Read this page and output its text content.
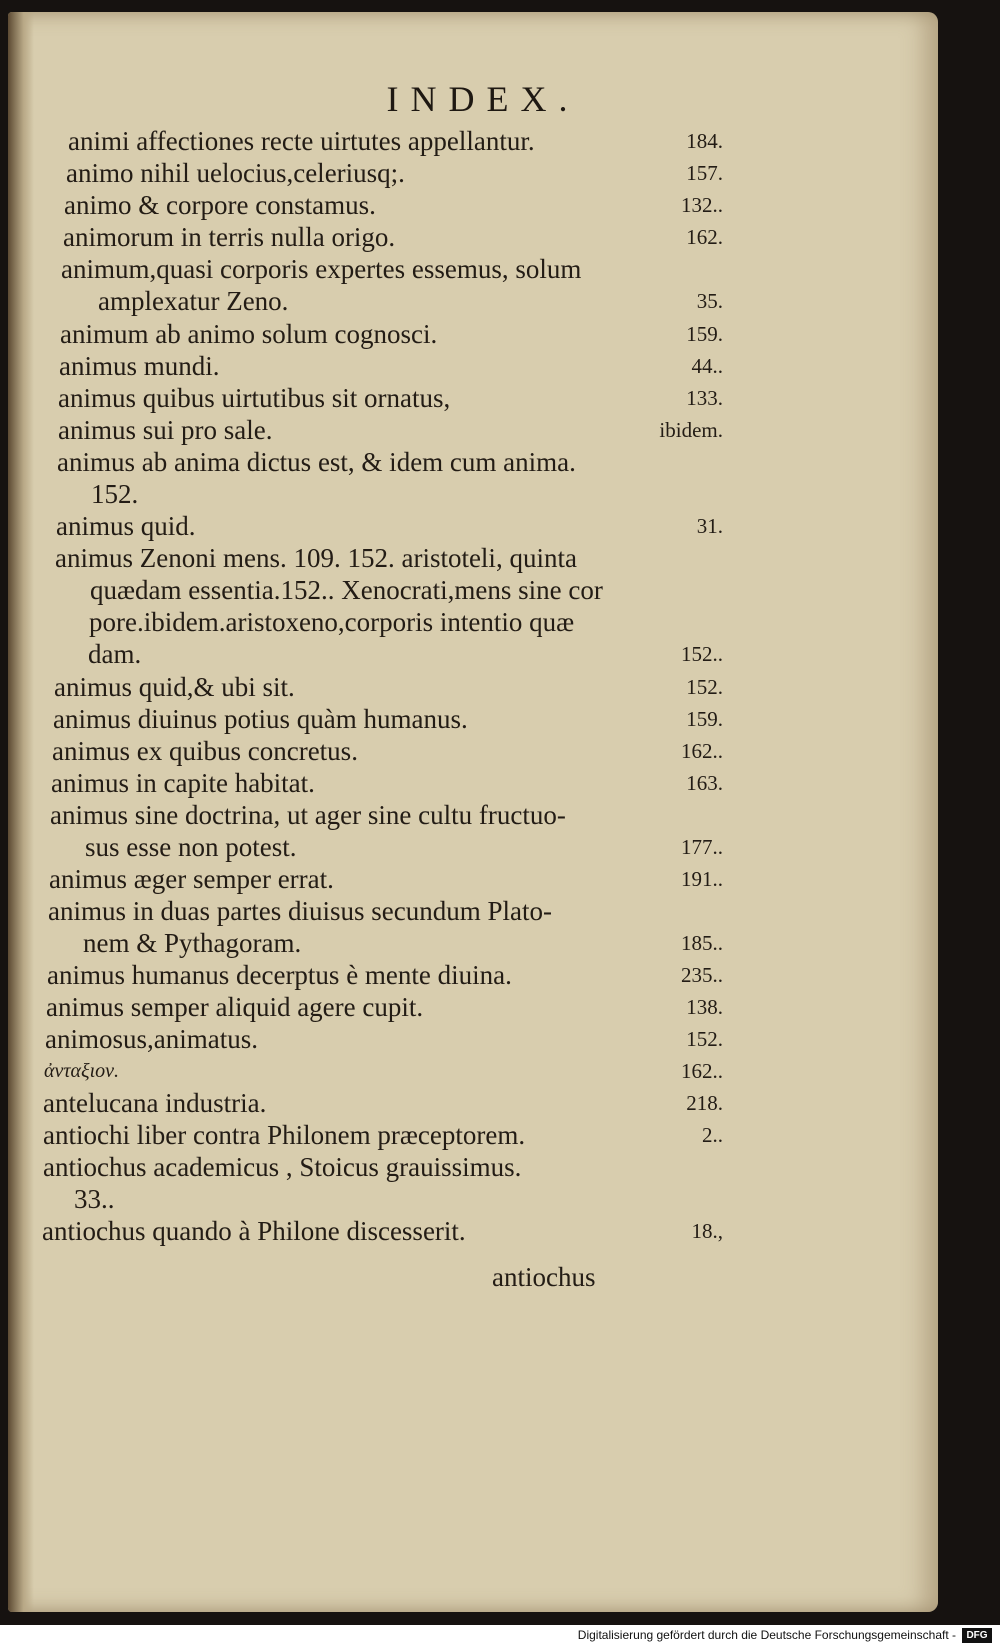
INDEX.
animi affectiones recte uirtutes appellantur.	184.
animo nihil uelocius,celeriusq;.	157.
animo & corpore constamus.	132..
animorum in terris nulla origo.	162.
animum,quasi corporis expertes essemus, solum
amplexatur Zeno.	35.
animum ab animo solum cognosci.	159.
animus mundi.	44..
animus quibus uirtutibus sit ornatus,	133.
animus sui pro sale.	ibidem.
animus ab anima dictus est, & idem cum anima.
152.
animus quid.	31.
animus Zenoni mens. 109. 152. aristoteli, quinta
quædam essentia.152.. Xenocrati,mens sine cor
pore.ibidem.aristoxeno,corporis intentio quæ
dam.	152..
animus quid,& ubi sit.	152.
animus diuinus potius quàm humanus.	159.
animus ex quibus concretus.	162..
animus in capite habitat.	163.
animus sine doctrina, ut ager sine cultu fructuo-
sus esse non potest.	177..
animus æger semper errat.	191..
animus in duas partes diuisus secundum Plato-
nem & Pythagoram.	185..
animus humanus decerptus è mente diuina.	235..
animus semper aliquid agere cupit.	138.
animosus,animatus.	152.
ἀνταξιον.	162..
antelucana industria.	218.
antiochi liber contra Philonem præceptorem.	2..
antiochus academicus , Stoicus grauissimus.
33..
antiochus quando à Philone discesserit.	18.,
antiochus
Digitalisierung gefördert durch die Deutsche Forschungsgemeinschaft -	DFG
